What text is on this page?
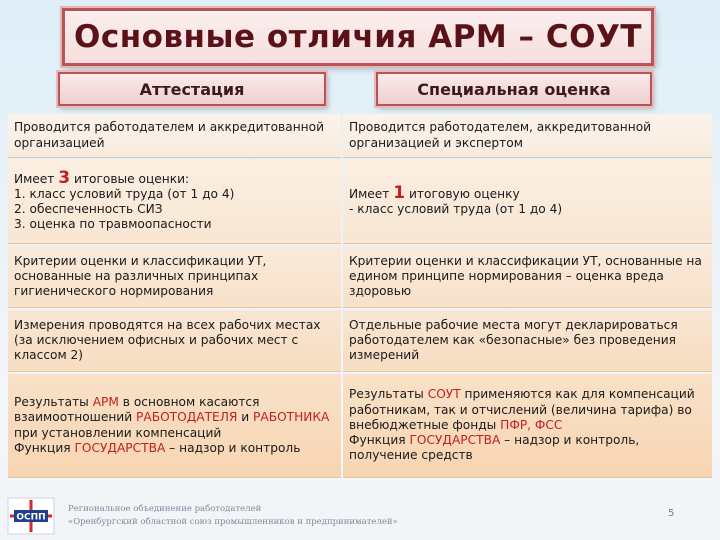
Основные отличия АРМ – СОУТ
Аттестация	Специальная оценка
Проводится работодателем и аккредитованной организацией
Проводится работодателем, аккредитованной организацией и экспертом
Имеет 3 итоговые оценки:
1. класс условий труда (от 1 до 4)
2. обеспеченность СИЗ
3. оценка по травмоопасности
Имеет 1 итоговую оценку
- класс условий труда (от 1 до 4)
Критерии оценки и классификации УТ, основанные на различных принципах гигиенического нормирования
Критерии оценки и классификации УТ, основанные на едином принципе нормирования – оценка вреда здоровью
Измерения проводятся на всех рабочих местах (за исключением офисных и рабочих мест с классом 2)
Отдельные рабочие места могут декларироваться работодателем как «безопасные» без проведения измерений
Результаты АРМ в основном касаются взаимоотношений РАБОТОДАТЕЛЯ и РАБОТНИКА при установлении компенсаций
Функция ГОСУДАРСТВА – надзор и контроль
Результаты СОУТ применяются как для компенсаций работникам, так и отчислений (величина тарифа) во внебюджетные фонды ПФР, ФСС
Функция ГОСУДАРСТВА – надзор и контроль, получение средств
ОСПП
Региональное объединение работодателей
«Оренбургский областной союз промышленников и предпринимателей»
5
